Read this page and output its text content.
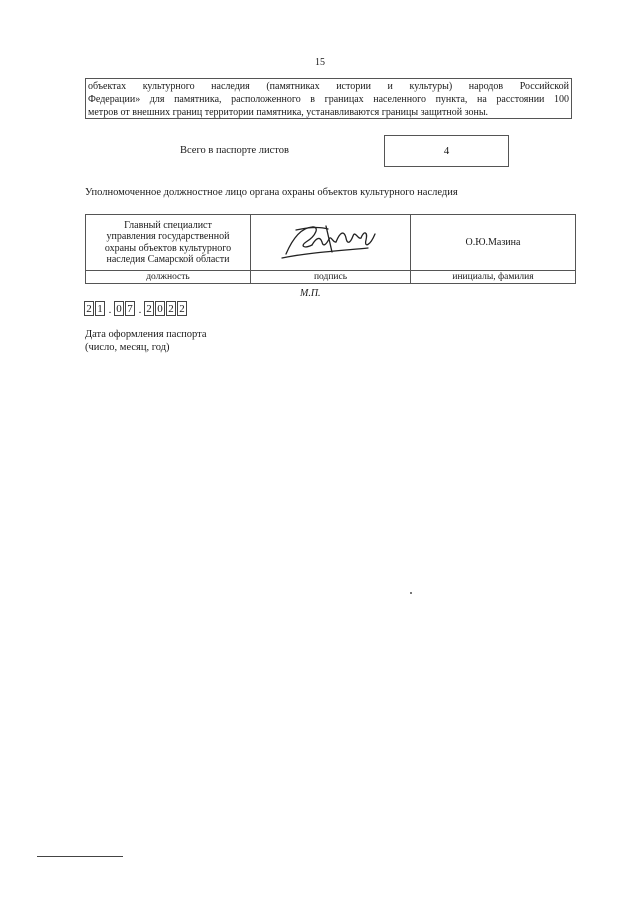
15
объектах культурного наследия (памятниках истории и культуры) народов Российской
Федерации» для памятника, расположенного в границах населенного пункта, на расстоянии 100
метров от внешних границ территории памятника, устанавливаются границы защитной зоны.
Всего в паспорте листов	4
Уполномоченное должностное лицо органа охраны объектов культурного наследия
Главный специалист
управления государственной
охраны объектов культурного
наследия Самарской области		О.Ю.Мазина
должность	подпись	инициалы, фамилия
М.П.
2 1 . 0 7 . 2 0 2 2
Дата оформления паспорта
(число, месяц, год)
